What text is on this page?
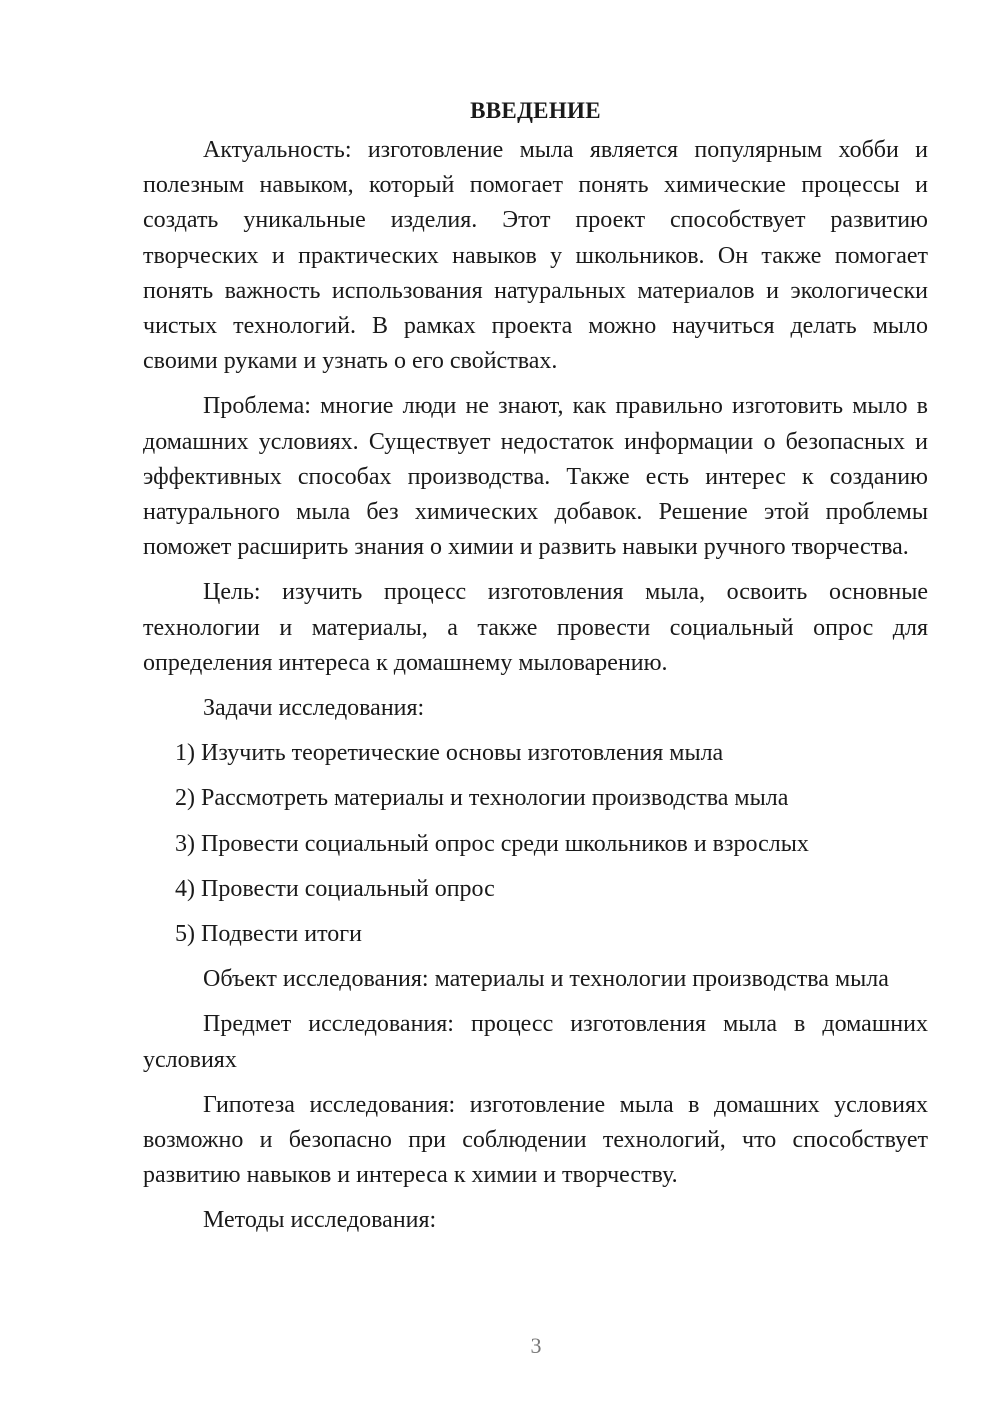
ВВЕДЕНИЕ

Актуальность: изготовление мыла является популярным хобби и полезным навыком, который помогает понять химические процессы и создать уникальные изделия. Этот проект способствует развитию творческих и практических навыков у школьников. Он также помогает понять важность использования натуральных материалов и экологически чистых технологий. В рамках проекта можно научиться делать мыло своими руками и узнать о его свойствах.

Проблема: многие люди не знают, как правильно изготовить мыло в домашних условиях. Существует недостаток информации о безопасных и эффективных способах производства. Также есть интерес к созданию натурального мыла без химических добавок. Решение этой проблемы поможет расширить знания о химии и развить навыки ручного творчества.

Цель: изучить процесс изготовления мыла, освоить основные технологии и материалы, а также провести социальный опрос для определения интереса к домашнему мыловарению.

Задачи исследования:

1) Изучить теоретические основы изготовления мыла
2) Рассмотреть материалы и технологии производства мыла
3) Провести социальный опрос среди школьников и взрослых
4) Провести социальный опрос
5) Подвести итоги

Объект исследования: материалы и технологии производства мыла

Предмет исследования: процесс изготовления мыла в домашних условиях

Гипотеза исследования: изготовление мыла в домашних условиях возможно и безопасно при соблюдении технологий, что способствует развитию навыков и интереса к химии и творчеству.

Методы исследования:

3
